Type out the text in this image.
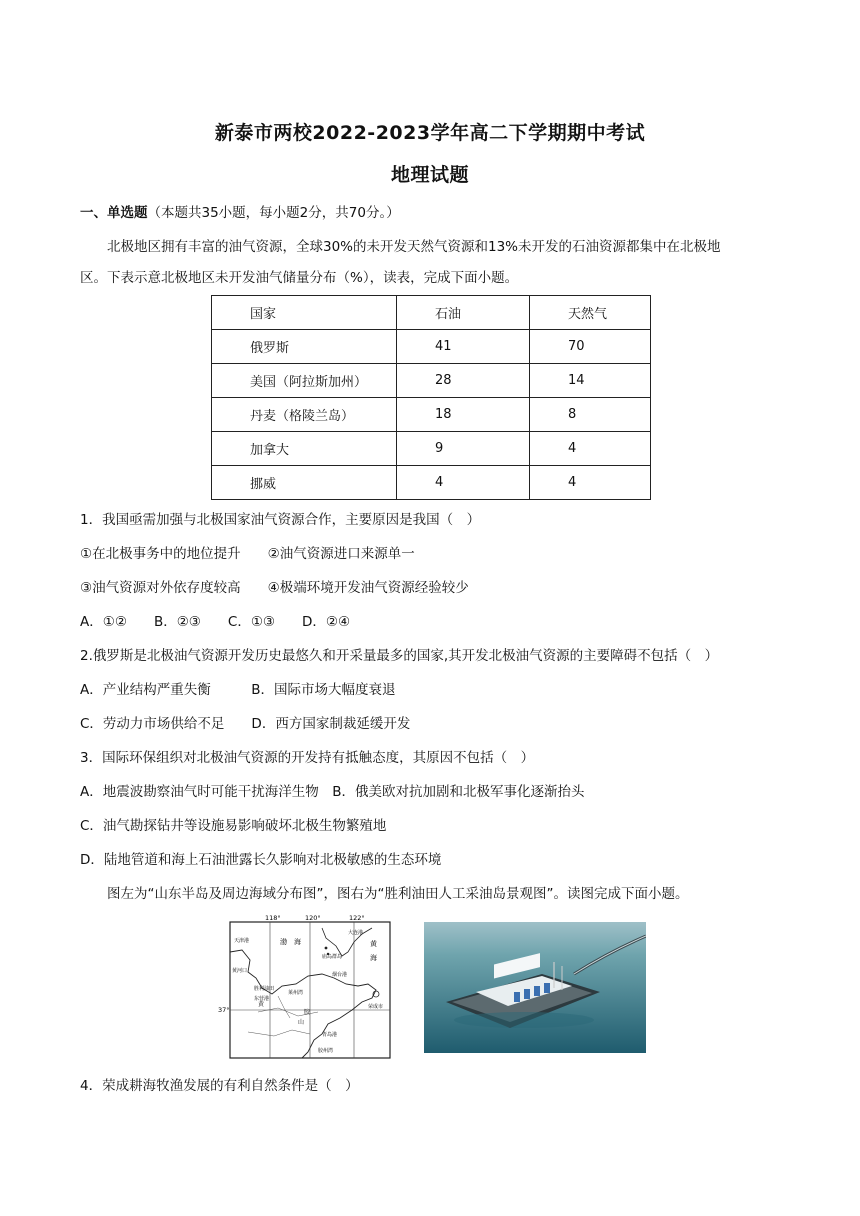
新泰市两校2022-2023学年高二下学期期中考试
地理试题
一、单选题（本题共35小题，每小题2分，共70分。）
北极地区拥有丰富的油气资源，全球30%的未开发天然气资源和13%未开发的石油资源都集中在北极地
区。下表示意北极地区未开发油气储量分布（%），读表，完成下面小题。
国家	石油	天然气
俄罗斯	41	70
美国（阿拉斯加州）	28	14
丹麦（格陵兰岛）	18	8
加拿大	9	4
挪威	4	4
1．我国亟需加强与北极国家油气资源合作，主要原因是我国（　）
①在北极事务中的地位提升　　②油气资源进口来源单一
③油气资源对外依存度较高　　④极端环境开发油气资源经验较少
A．①②　　B．②③　　C．①③　　D．②④
2.俄罗斯是北极油气资源开发历史最悠久和开采量最多的国家,其开发北极油气资源的主要障碍不包括（　）
A．产业结构严重失衡　　　B．国际市场大幅度衰退
C．劳动力市场供给不足　　D．西方国家制裁延缓开发
3．国际环保组织对北极油气资源的开发持有抵触态度，其原因不包括（　）
A．地震波勘察油气时可能干扰海洋生物　B．俄美欧对抗加剧和北极军事化逐渐抬头
C．油气勘探钻井等设施易影响破坏北极生物繁殖地
D．陆地管道和海上石油泄露长久影响对北极敏感的生态环境
图左为“山东半岛及周边海域分布图”，图右为“胜利油田人工采油岛景观图”。读图完成下面小题。
118°	120°	122°
37°
渤　海	黄
海
天津港
庙岛群岛
大连港
黄河口
烟台港
莱州湾
胜利油田
东营港
荣成市
青岛港
胶州湾
山
黄
胶
4．荣成耕海牧渔发展的有利自然条件是（　）
